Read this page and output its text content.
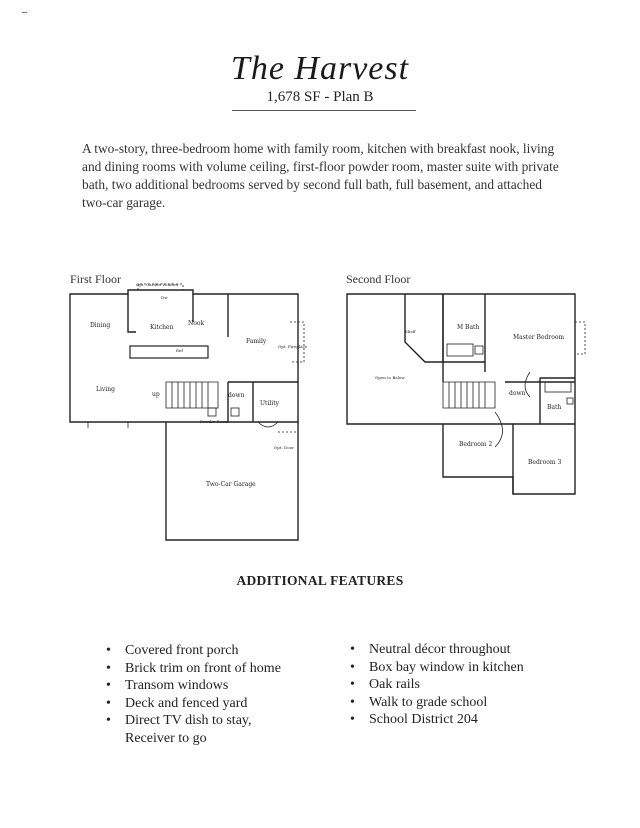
The Harvest
1,678 SF - Plan B
A two-story, three-bedroom home with family room, kitchen with breakfast nook, living and dining rooms with volume ceiling, first-floor powder room, master suite with private bath, two additional bedrooms served by second full bath, full basement, and attached two-car garage.
First Floor
Dining	Kitchen
Nook
Family
Living
Utility
Two-Car Garage
Powder Room
up	down
Opt. Garden Window
Opt. Fireplace
Opt. Door
Dw
Ref
Second Floor
Master Bedroom
M Bath
Shelf
Open to Below
Bath
Bedroom 2
Bedroom 3
down
ADDITIONAL FEATURES
• Covered front porch
• Brick trim on front of home
• Transom windows
• Deck and fenced yard
• Direct TV dish to stay,
Receiver to go
• Neutral décor throughout
• Box bay window in kitchen
• Oak rails
• Walk to grade school
• School District 204
